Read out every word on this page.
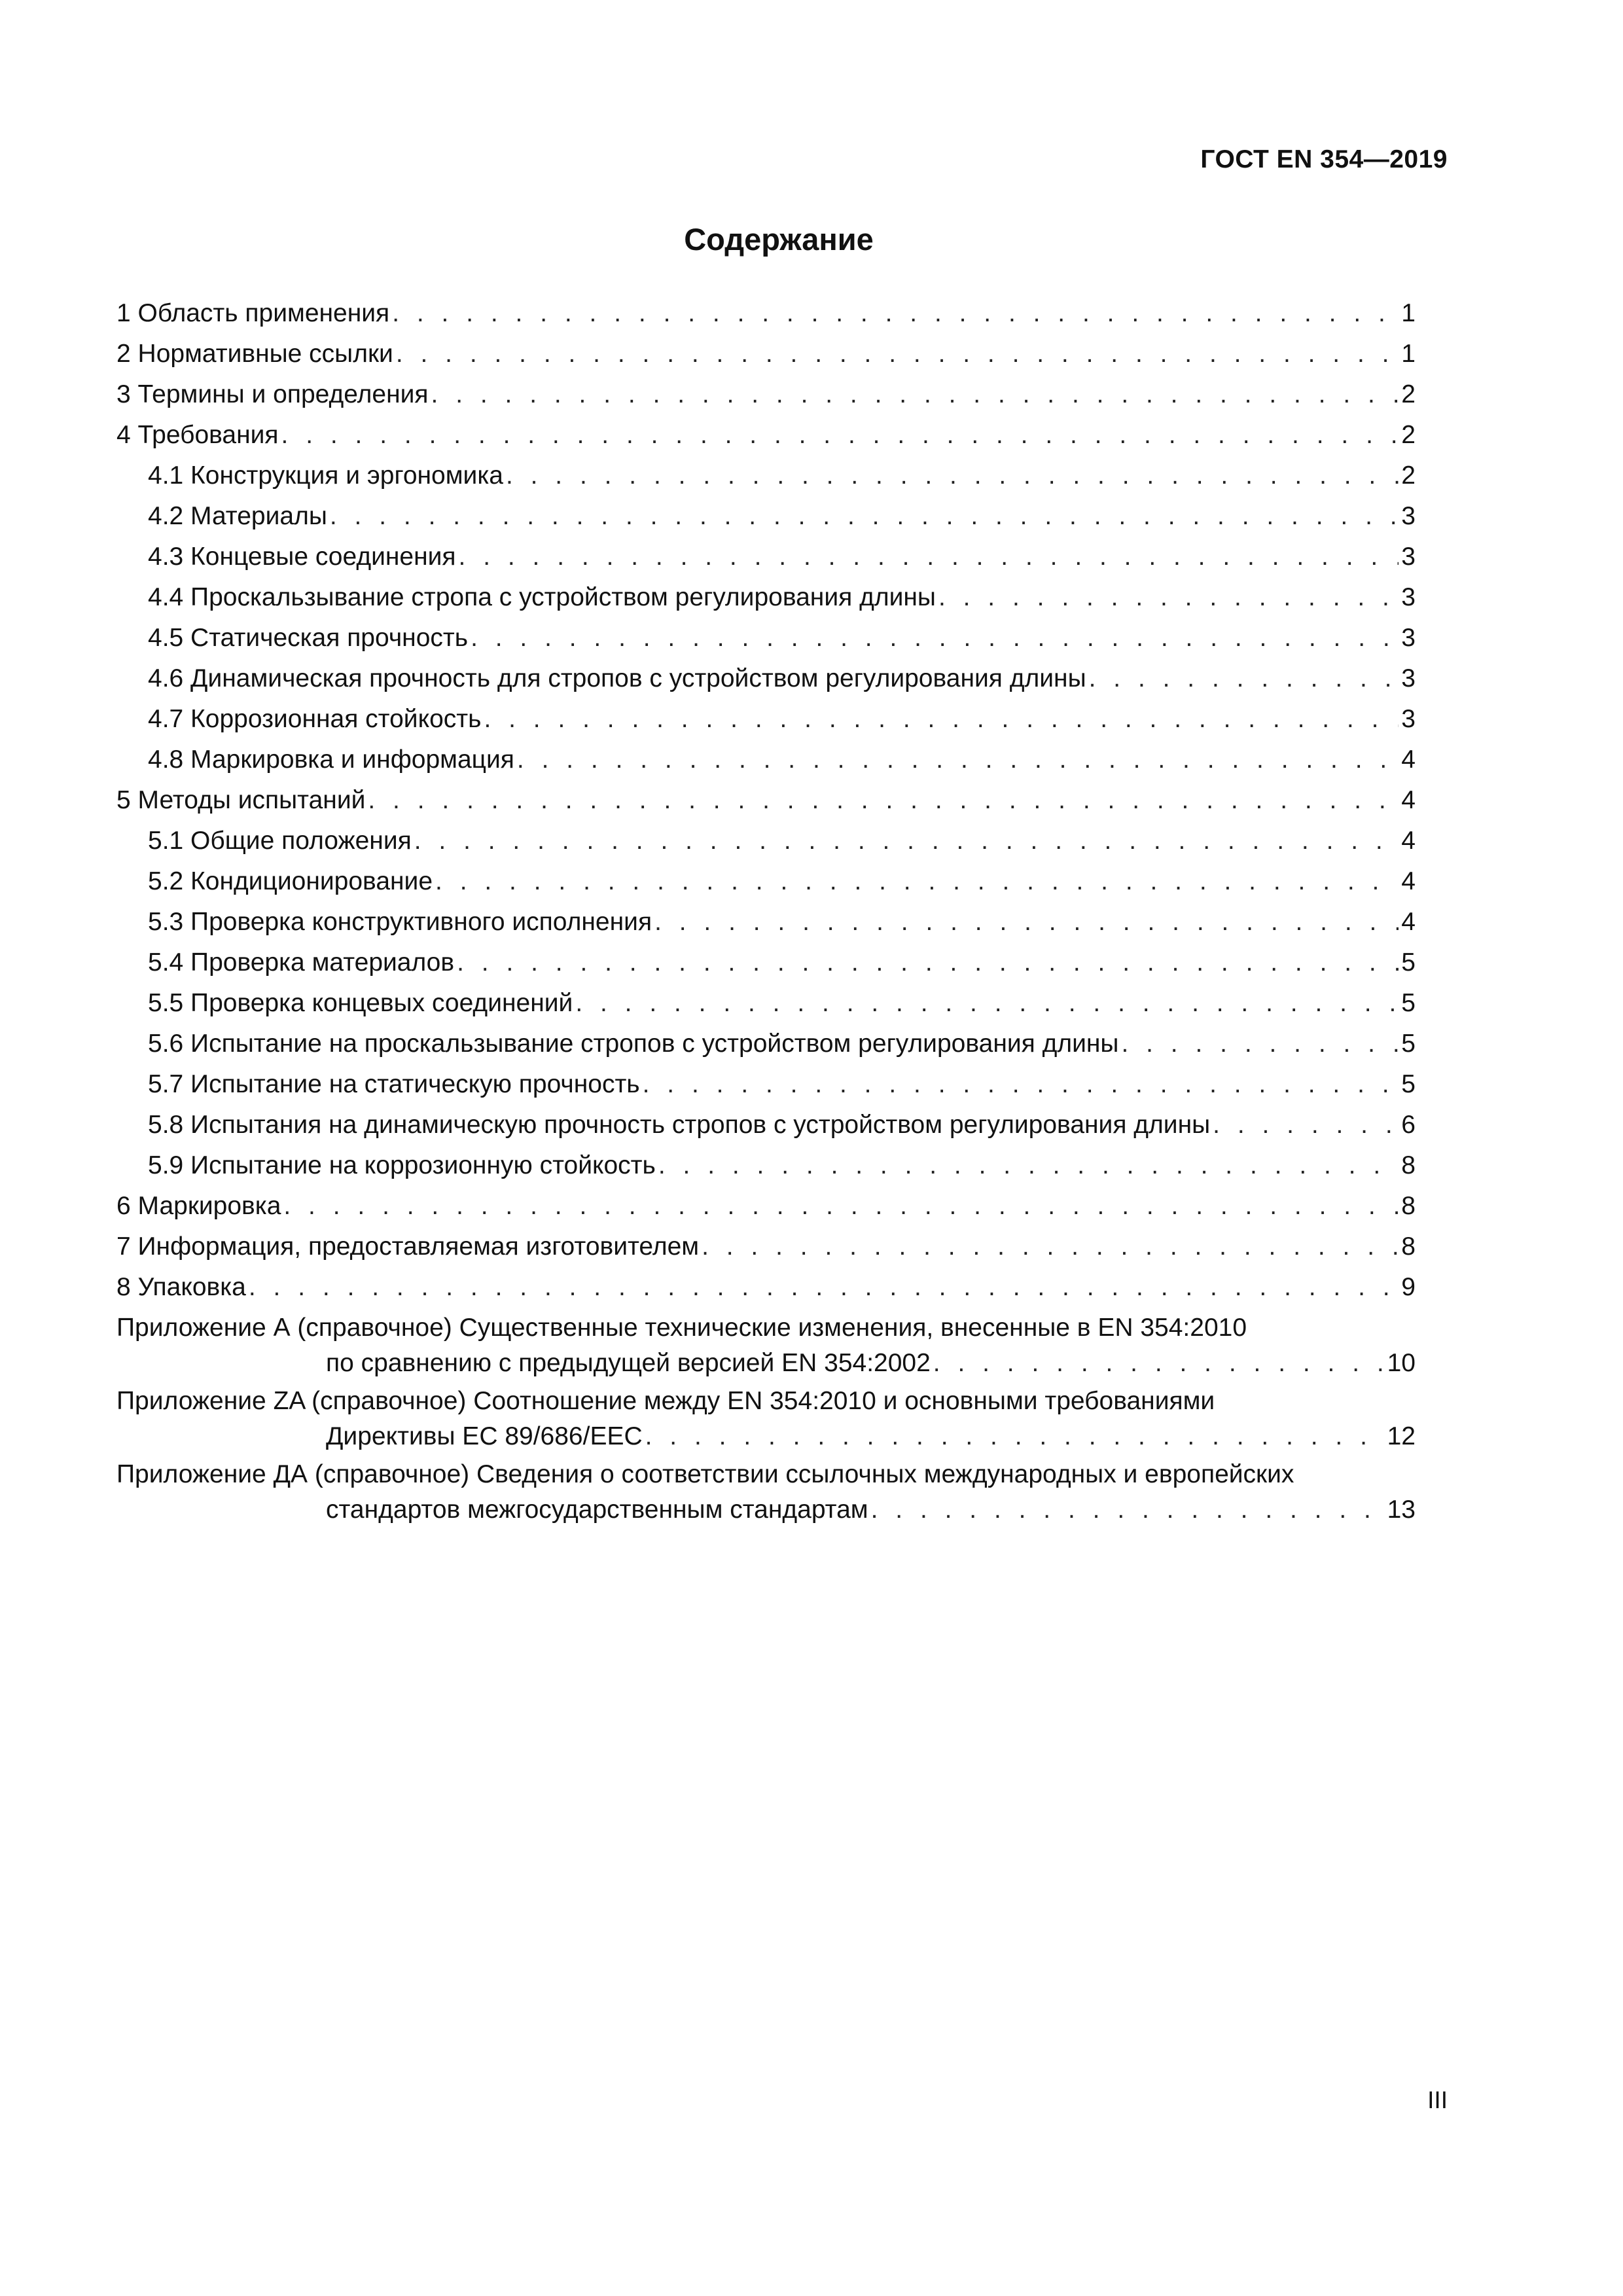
ГОСТ EN 354—2019
Содержание
1 Область применения . . .	1
2 Нормативные ссылки . . .	1
3 Термины и определения . . .	2
4 Требования . . .	2
4.1 Конструкция и эргономика . . .	2
4.2 Материалы . . .	3
4.3 Концевые соединения . . .	3
4.4 Проскальзывание стропа с устройством регулирования длины . . .	3
4.5 Статическая прочность . . .	3
4.6 Динамическая прочность для стропов с устройством регулирования длины . . .	3
4.7 Коррозионная стойкость . . .	3
4.8 Маркировка и информация . . .	4
5 Методы испытаний . . .	4
5.1 Общие положения . . .	4
5.2 Кондиционирование . . .	4
5.3 Проверка конструктивного исполнения . . .	4
5.4 Проверка материалов . . .	5
5.5 Проверка концевых соединений . . .	5
5.6 Испытание на проскальзывание стропов с устройством регулирования длины . . .	5
5.7 Испытание на статическую прочность . . .	5
5.8 Испытания на динамическую прочность стропов с устройством регулирования длины . . .	6
5.9 Испытание на коррозионную стойкость . . .	8
6 Маркировка . . .	8
7 Информация, предоставляемая изготовителем . . .	8
8 Упаковка . . .	9
Приложение А (справочное) Существенные технические изменения, внесенные в EN 354:2010
по сравнению с предыдущей версией EN 354:2002 . . .	10
Приложение ZA (справочное) Соотношение между EN 354:2010 и основными требованиями
Директивы ЕС 89/686/ЕЕС . . .	12
Приложение ДА (справочное) Сведения о соответствии ссылочных международных и европейских
стандартов межгосударственным стандартам . . .	13
III
